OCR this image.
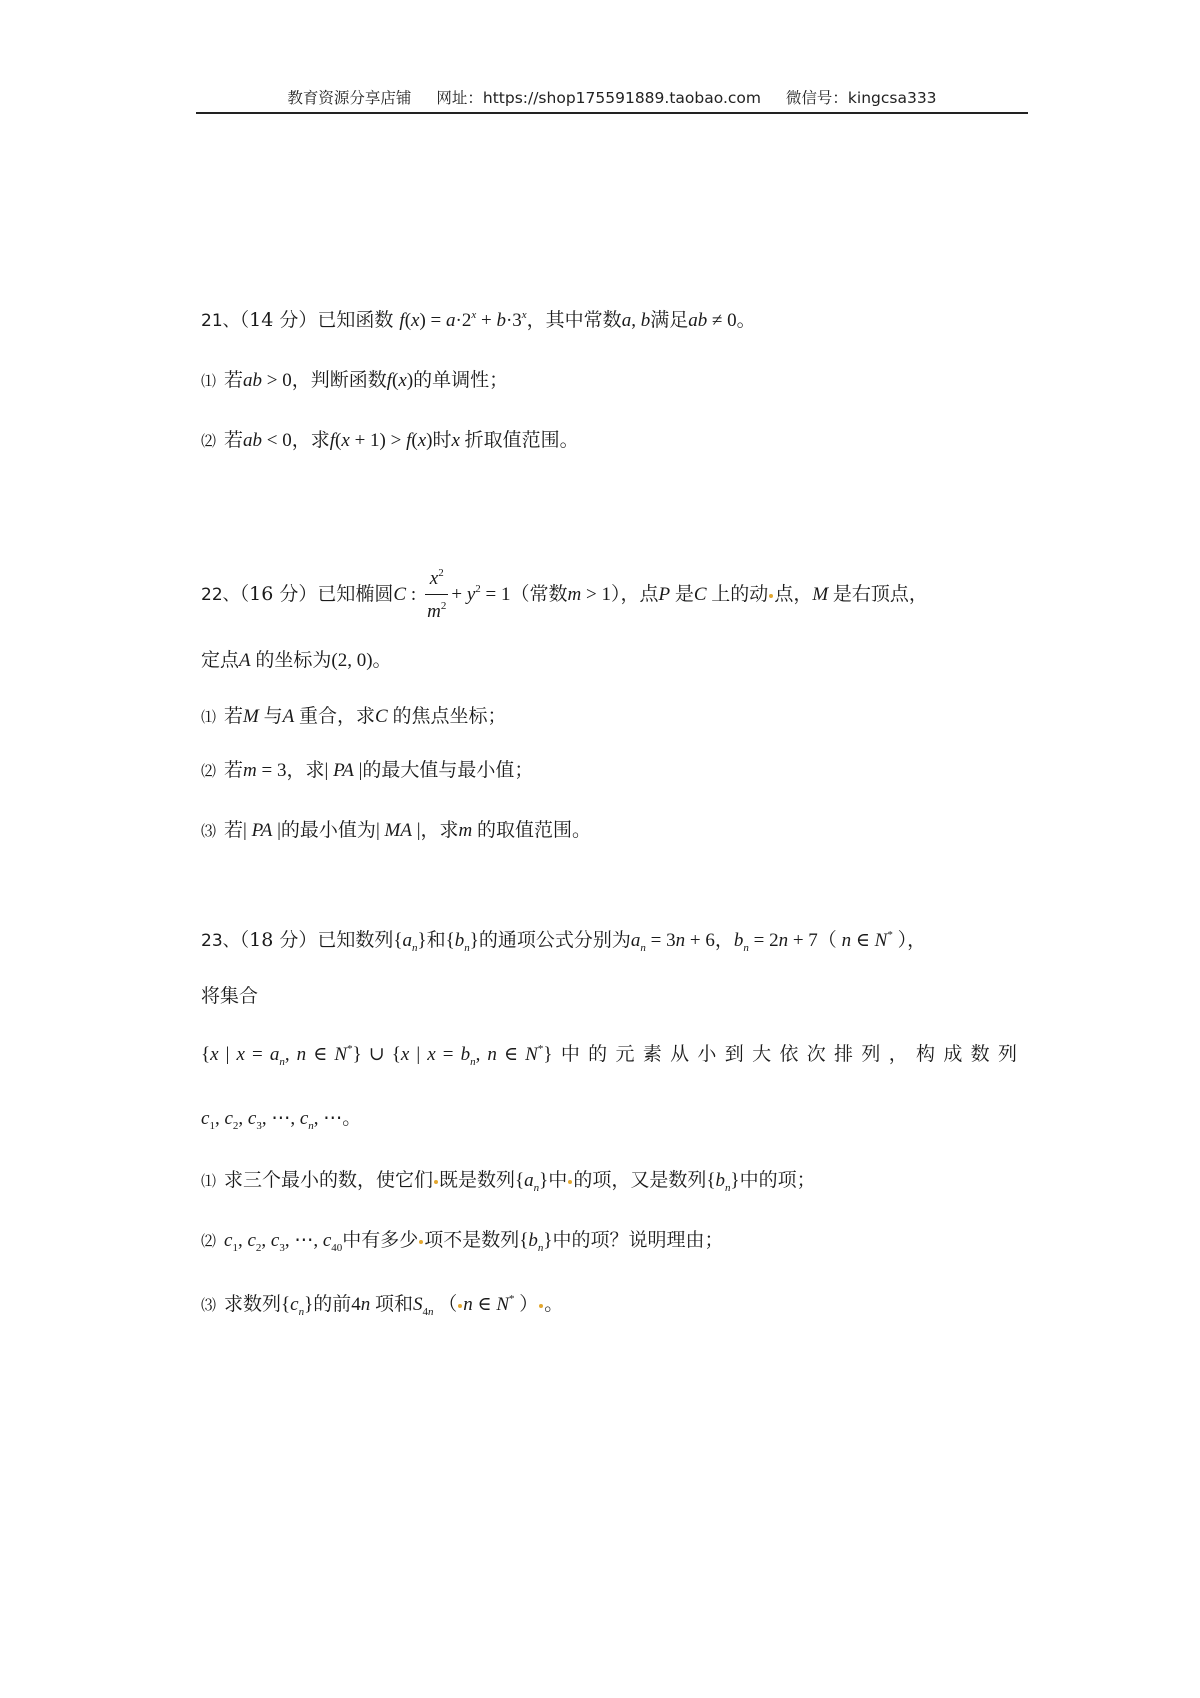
教育资源分享店铺 网址：https://shop175591889.taobao.com 微信号：kingcsa333
21、（14 分）已知函数 $f(x) = a\cdot 2^x + b\cdot 3^x$，其中常数a, b满足ab ≠ 0。
⑴ 若ab > 0，判断函数f(x)的单调性；
⑵ 若ab < 0，求f(x + 1) > f(x)时x 折取值范围。
22、（16 分）已知椭圆C : $\frac{x^2}{m^2} + y^2 = 1$（常数m > 1），点P 是C 上的动 点，M 是右顶点，
定点A 的坐标为(2, 0)。
⑴ 若M 与A 重合，求C 的焦点坐标；
⑵ 若m = 3，求| PA |的最大值与最小值；
⑶ 若| PA |的最小值为| MA |，求m 的取值范围。
23、（18 分）已知数列$\{a_n\}$和$\{b_n\}$的通项公式分别为$a_n = 3n + 6$，$b_n = 2n + 7$（ n ∈ N* ），
将集合
{x | $x = a_n$, n ∈ N*} ∪ {x | $x = b_n$, n ∈ N*} 中的元素从小到大依次排列，构成数列
$c_1$, $c_2$, $c_3$, ⋯, $c_n$, ⋯。
⑴ 求三个最小的数，使它们 既是数列$\{a_n\}$中 的项，又是数列$\{b_n\}$中的项；
⑵ $c_1$, $c_2$, $c_3$, ⋯, $c_{40}$中有多少 项不是数列$\{b_n\}$中的项？说明理由；
⑶ 求数列$\{c_n\}$的前4n 项和$S_{4n}$ （ n ∈ N* ） 。
